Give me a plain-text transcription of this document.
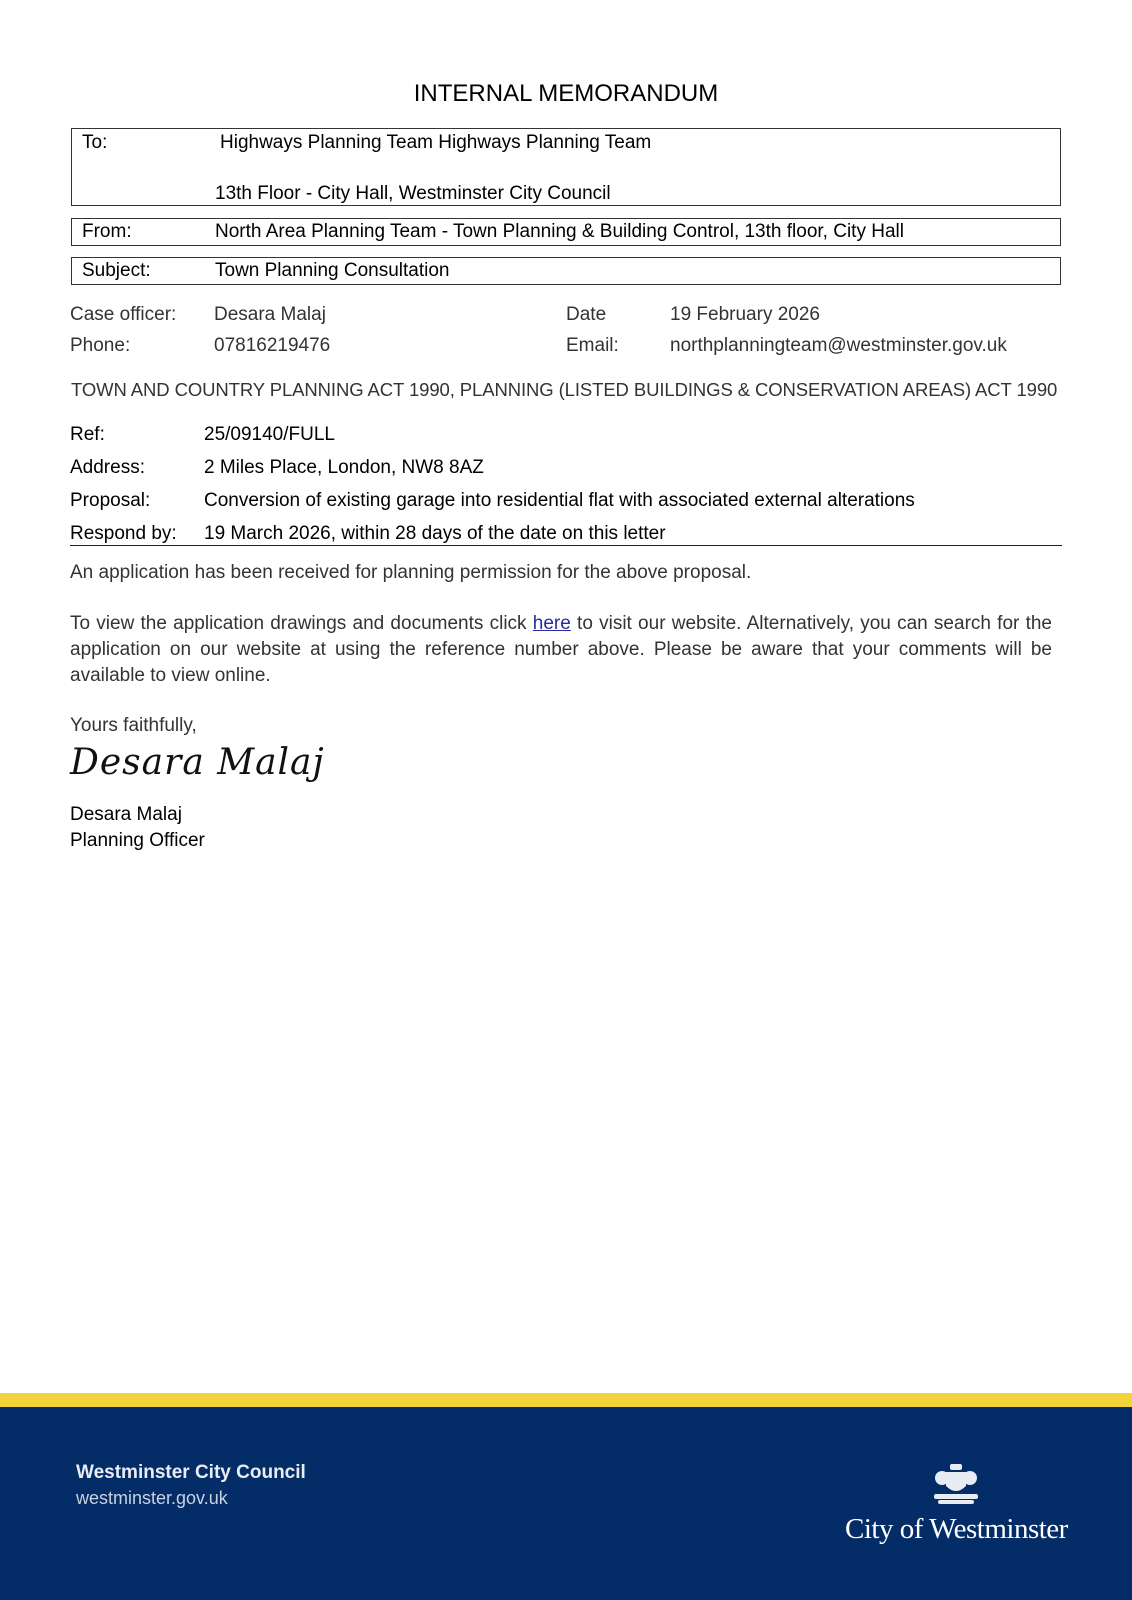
INTERNAL MEMORANDUM
To:	Highways Planning Team Highways Planning Team
13th Floor - City Hall, Westminster City Council
From:	North Area Planning Team - Town Planning & Building Control, 13th floor, City Hall
Subject:	Town Planning Consultation
Case officer: Desara Malaj	Date	19 February 2026
Phone:	07816219476	Email:	northplanningteam@westminster.gov.uk
TOWN AND COUNTRY PLANNING ACT 1990, PLANNING (LISTED BUILDINGS & CONSERVATION AREAS) ACT 1990
Ref:	25/09140/FULL
Address:	2 Miles Place, London, NW8 8AZ
Proposal:	Conversion of existing garage into residential flat with associated external alterations
Respond by: 19 March 2026, within 28 days of the date on this letter
An application has been received for planning permission for the above proposal.
To view the application drawings and documents click here to visit our website. Alternatively, you can search for the application on our website at using the reference number above. Please be aware that your comments will be available to view online.
Yours faithfully,
Desara Malaj
Desara Malaj
Planning Officer
Westminster City Council
westminster.gov.uk
City of Westminster
